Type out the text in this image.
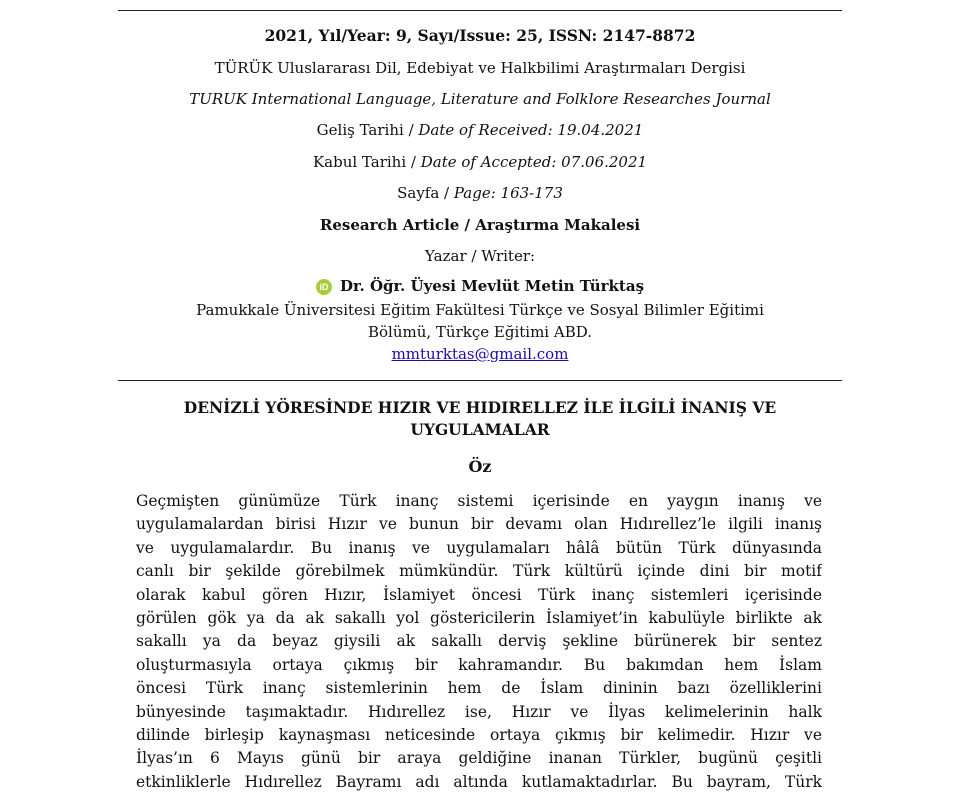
2021, Yıl/Year: 9, Sayı/Issue: 25, ISSN: 2147-8872
TÜRÜK Uluslararası Dil, Edebiyat ve Halkbilimi Araştırmaları Dergisi
TURUK International Language, Literature and Folklore Researches Journal
Geliş Tarihi / Date of Received: 19.04.2021
Kabul Tarihi / Date of Accepted: 07.06.2021
Sayfa / Page: 163-173
Research Article / Araştırma Makalesi
Yazar / Writer:
iD Dr. Öğr. Üyesi Mevlüt Metin Türktaş
Pamukkale Üniversitesi Eğitim Fakültesi Türkçe ve Sosyal Bilimler Eğitimi
Bölümü, Türkçe Eğitimi ABD.
mmturktas@gmail.com
DENİZLİ YÖRESİNDE HIZIR VE HIDIRELLEZ İLE İLGİLİ İNANIŞ VE
UYGULAMALAR
Öz
Geçmişten günümüze Türk inanç sistemi içerisinde en yaygın inanış ve
uygulamalardan birisi Hızır ve bunun bir devamı olan Hıdırellez’le ilgili inanış
ve uygulamalardır. Bu inanış ve uygulamaları hâlâ bütün Türk dünyasında
canlı bir şekilde görebilmek mümkündür. Türk kültürü içinde dini bir motif
olarak kabul gören Hızır, İslamiyet öncesi Türk inanç sistemleri içerisinde
görülen gök ya da ak sakallı yol göstericilerin İslamiyet’in kabulüyle birlikte ak
sakallı ya da beyaz giysili ak sakallı derviş şekline bürünerek bir sentez
oluşturmasıyla ortaya çıkmış bir kahramandır. Bu bakımdan hem İslam
öncesi Türk inanç sistemlerinin hem de İslam dininin bazı özelliklerini
bünyesinde taşımaktadır. Hıdırellez ise, Hızır ve İlyas kelimelerinin halk
dilinde birleşip kaynaşması neticesinde ortaya çıkmış bir kelimedir. Hızır ve
İlyas’ın 6 Mayıs günü bir araya geldiğine inanan Türkler, bugünü çeşitli
etkinliklerle Hıdırellez Bayramı adı altında kutlamaktadırlar. Bu bayram, Türk
